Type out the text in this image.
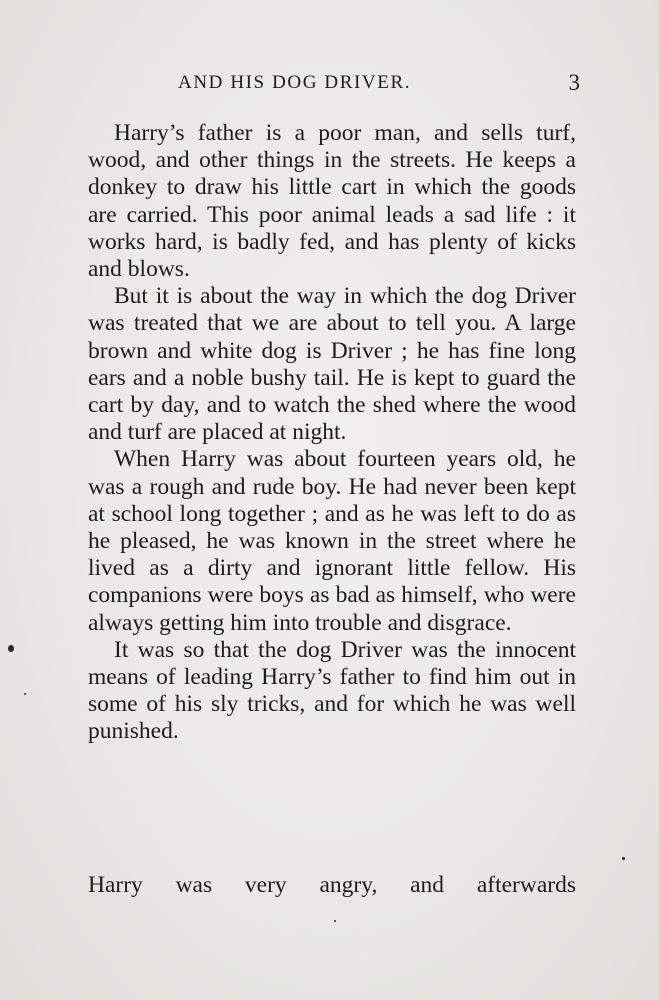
AND HIS DOG DRIVER.	3

Harry’s father is a poor man, and sells turf, wood, and other things in the streets. He keeps a donkey to draw his little cart in which the goods are carried. This poor animal leads a sad life : it works hard, is badly fed, and has plenty of kicks and blows.

But it is about the way in which the dog Driver was treated that we are about to tell you. A large brown and white dog is Driver ; he has fine long ears and a noble bushy tail. He is kept to guard the cart by day, and to watch the shed where the wood and turf are placed at night.

When Harry was about fourteen years old, he was a rough and rude boy. He had never been kept at school long together ; and as he was left to do as he pleased, he was known in the street where he lived as a dirty and ignorant little fellow. His companions were boys as bad as himself, who were always getting him into trouble and disgrace.

It was so that the dog Driver was the innocent means of leading Harry’s father to find him out in some of his sly tricks, and for which he was well punished.

Harry was very angry, and afterwards
